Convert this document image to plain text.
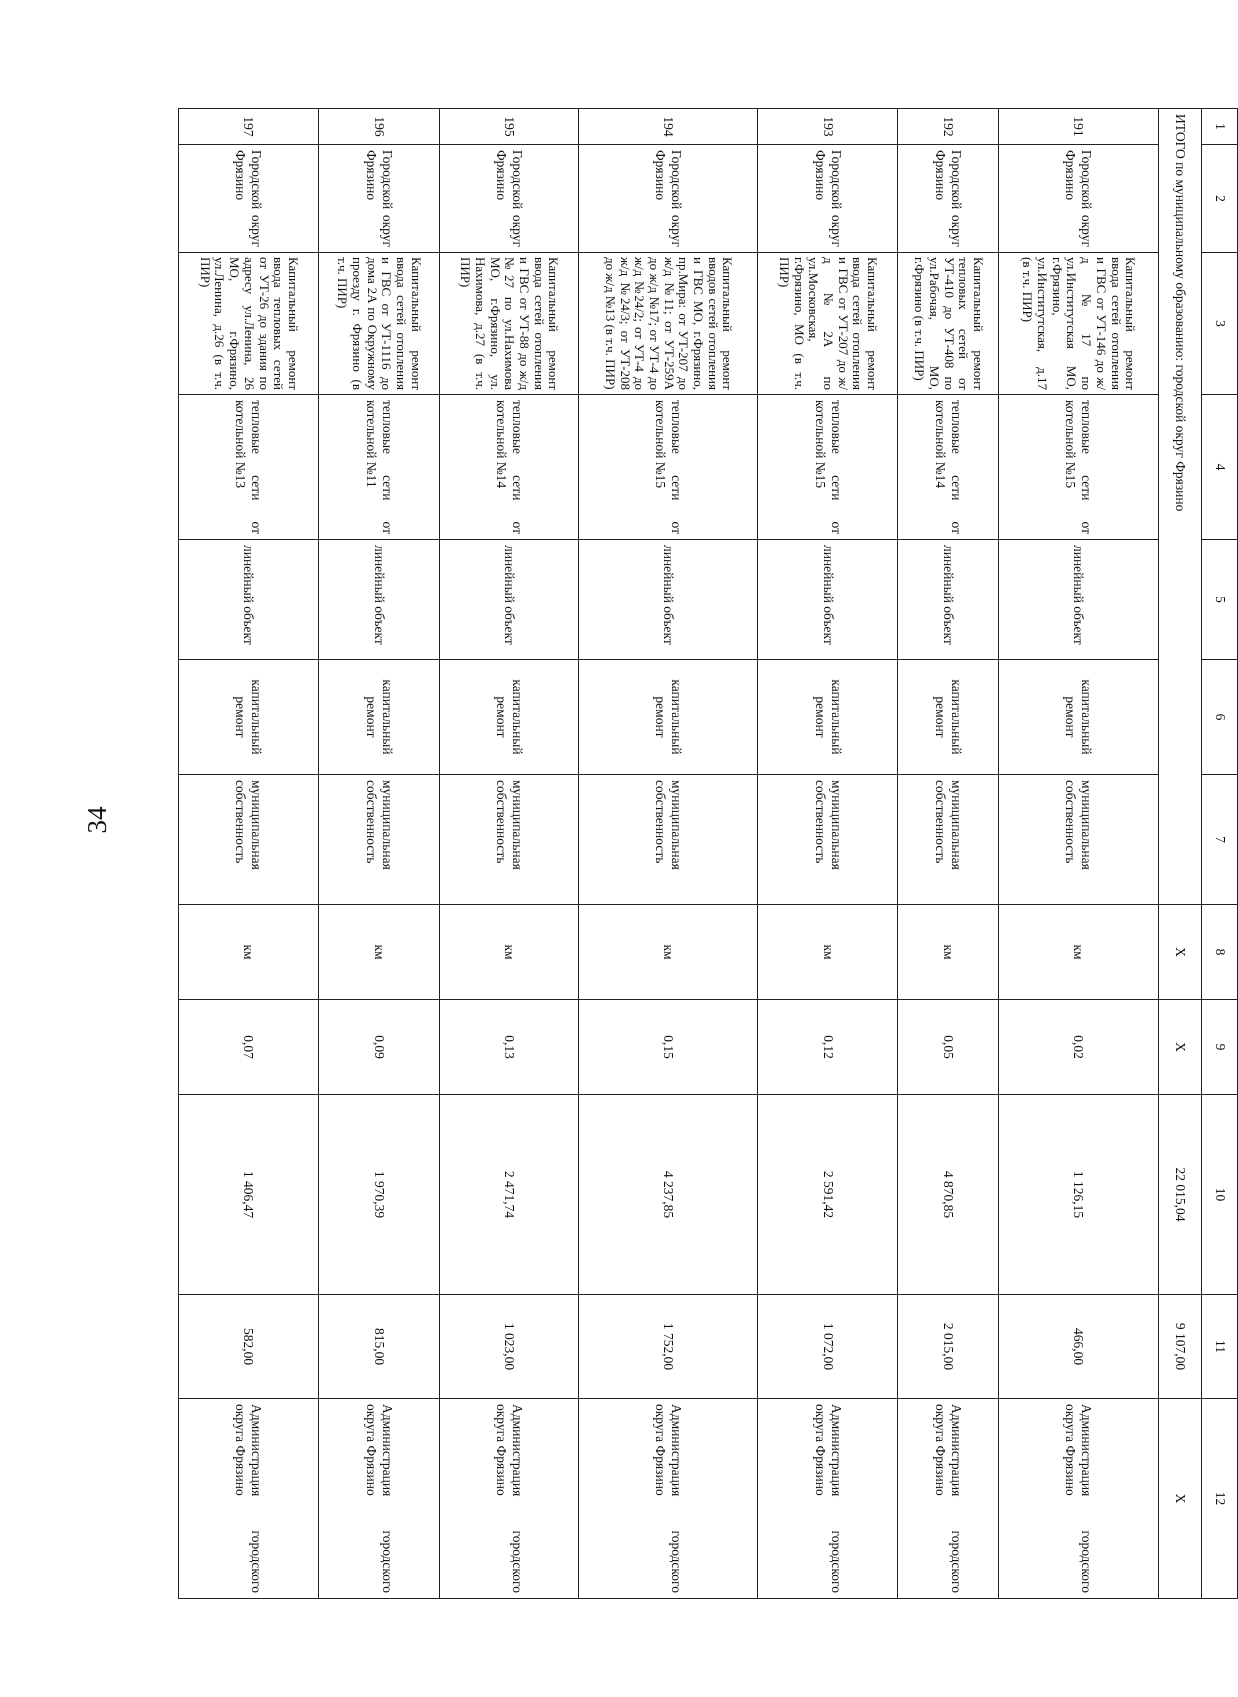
34
1	2	3	4	5	6	7	8	9	10	11	12
ИТОГО по муниципальному образованию: городской округ Фрязино							X	X	22 015,04	9 107,00	X
191	Городской округ Фрязино	Капитальный ремонт ввода сетей отопления и ГВС от УТ-146 до ж/д №17 по ул.Институтская МО, г.Фрязино, ул.Институтская, д.17 (в т.ч. ПИР)	тепловые сети от котельной №15	линейный объект	капитальный ремонт	муниципальная собственность	км	0,02	1 126,15	466,00	Администрация городского округа Фрязино
192	Городской округ Фрязино	Капитальный ремонт тепловых сетей от УТ-410 до УТ-408 по ул.Рабочая, МО, г.Фрязино (в т.ч. ПИР)	тепловые сети от котельной №14	линейный объект	капитальный ремонт	муниципальная собственность	км	0,05	4 870,85	2 015,00	Администрация городского округа Фрязино
193	Городской округ Фрязино	Капитальный ремонт ввода сетей отопления и ГВС от УТ-207 до ж/д №2А по ул.Московская, г.Фрязино, МО (в т.ч. ПИР)	тепловые сети от котельной №15	линейный объект	капитальный ремонт	муниципальная собственность	км	0,12	2 591,42	1 072,00	Администрация городского округа Фрязино
194	Городской округ Фрязино	Капитальный ремонт вводов сетей отопления и ГВС МО, г.Фрязино, пр.Мира: от УТ-207 до ж/д №11; от УТ-259А до ж/д №17; от УТ-4 до ж/д №24/2; от УТ-4 до ж/д №24/3; от УТ-208 до ж/д №13 (в т.ч. ПИР)	тепловые сети от котельной №15	линейный объект	капитальный ремонт	муниципальная собственность	км	0,15	4 237,85	1 752,00	Администрация городского округа Фрязино
195	Городской округ Фрязино	Капитальный ремонт ввода сетей отопления и ГВС от УТ-88 до ж/д №27 по ул.Нахимова МО, г.Фрязино, ул. Нахимова, д.27 (в т.ч. ПИР)	тепловые сети от котельной №14	линейный объект	капитальный ремонт	муниципальная собственность	км	0,13	2 471,74	1 023,00	Администрация городского округа Фрязино
196	Городской округ Фрязино	Капитальный ремонт ввода сетей отопления и ГВС от УТ-1116 до дома 2А по Окружному проезду г. Фрязино (в т.ч. ПИР)	тепловые сети от котельной №11	линейный объект	капитальный ремонт	муниципальная собственность	км	0,09	1 970,39	815,00	Администрация городского округа Фрязино
197	Городской округ Фрязино	Капитальный ремонт ввода тепловых сетей от УТ-26 до здания по адресу ул.Ленина, 26 МО, г.Фрязино, ул.Ленина, д.26 (в т.ч. ПИР)	тепловые сети от котельной №13	линейный объект	капитальный ремонт	муниципальная собственность	км	0,07	1 406,47	582,00	Администрация городского округа Фрязино
